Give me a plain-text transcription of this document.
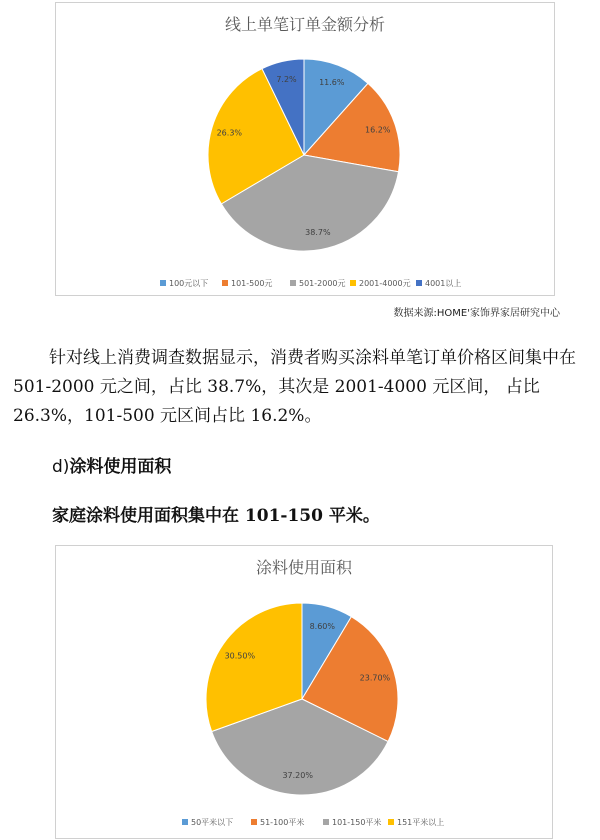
线上单笔订单金额分析
11.6%
16.2%
38.7%
26.3%
7.2%
100元以下	101-500元	501-2000元 2001-4000元 4001以上
数据来源:HOME'家饰界家居研究中心

针对线上消费调查数据显示，消费者购买涂料单笔订单价格区间集中在 501-2000 元之间，占比 38.7%，其次是 2001-4000 元区间， 占比 26.3%，101-500 元区间占比 16.2%。

d)涂料使用面积
家庭涂料使用面积集中在 101-150 平米。
涂料使用面积
8.60%
23.70%
37.20%
30.50%
50平米以下	51-100平米	101-150平米 151平米以上
